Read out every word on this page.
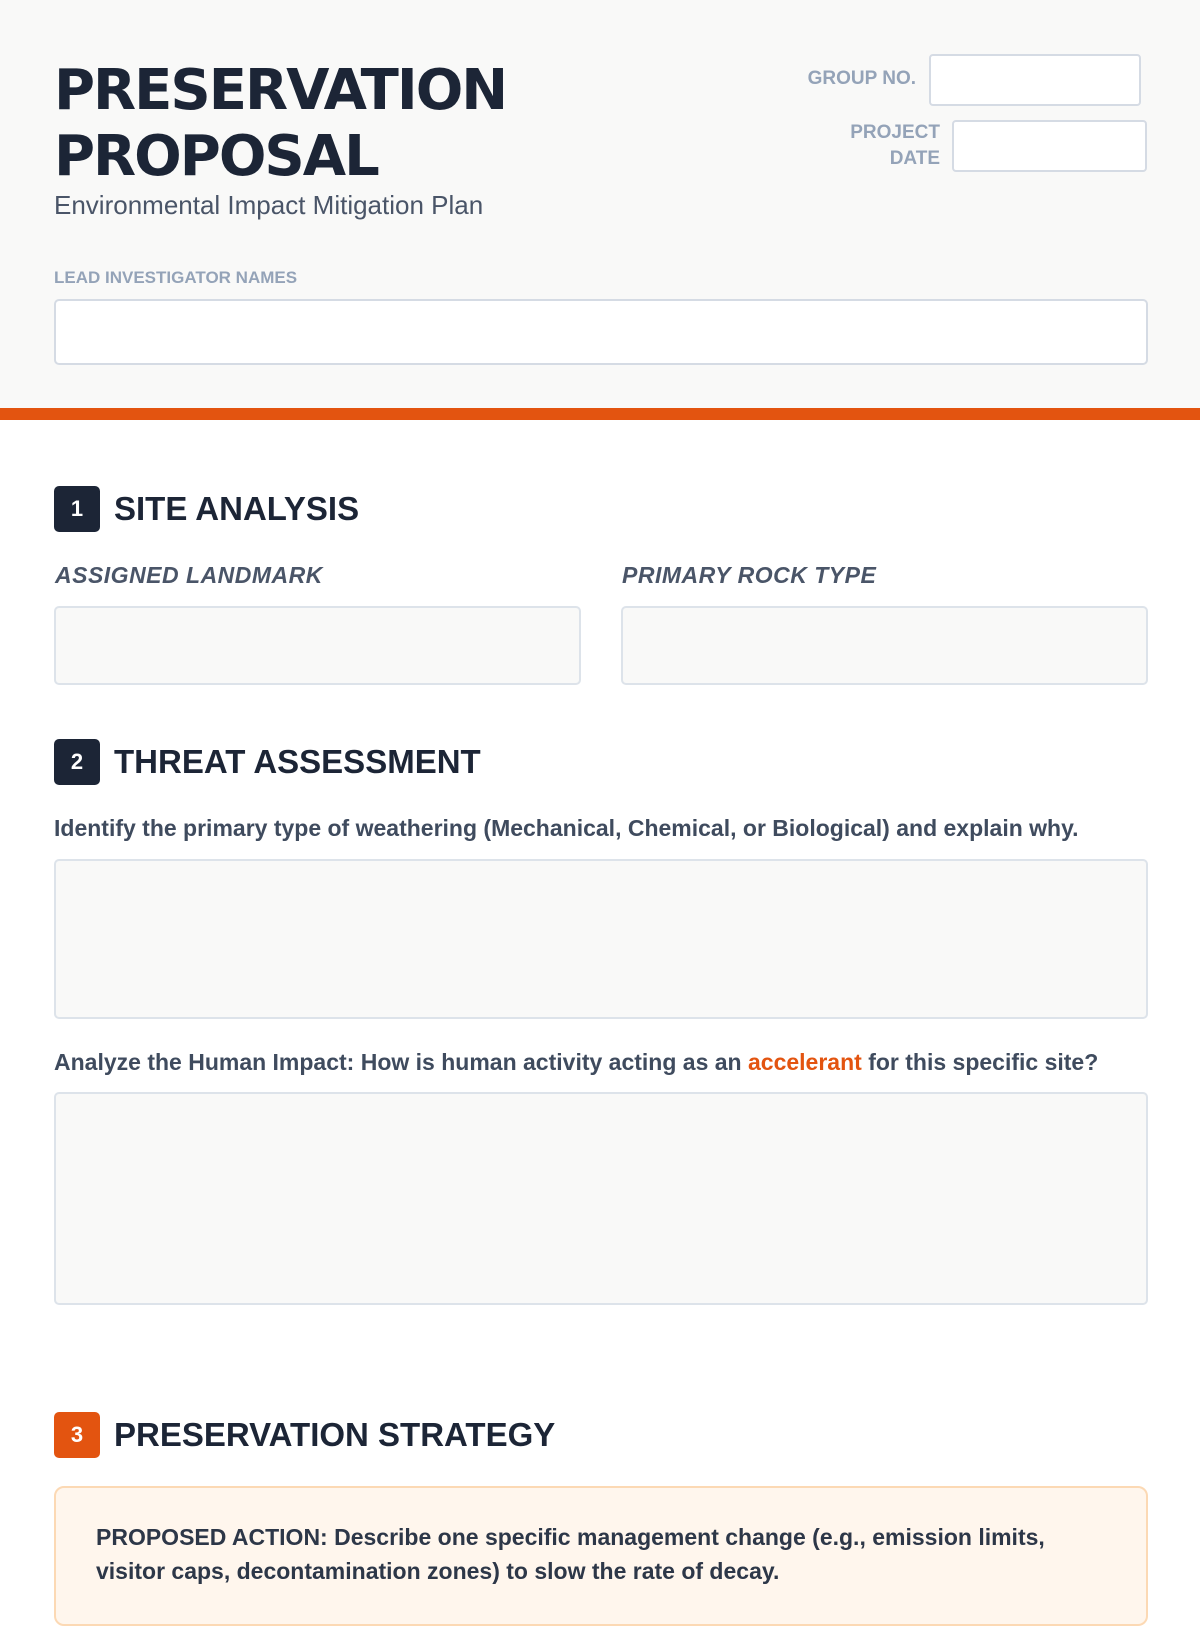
PRESERVATION
PROPOSAL
Environmental Impact Mitigation Plan
GROUP NO.
PROJECT
DATE
LEAD INVESTIGATOR NAMES
1 SITE ANALYSIS
ASSIGNED LANDMARK	PRIMARY ROCK TYPE
2 THREAT ASSESSMENT
Identify the primary type of weathering (Mechanical, Chemical, or Biological) and explain why.
Analyze the Human Impact: How is human activity acting as an accelerant for this specific site?
3 PRESERVATION STRATEGY
PROPOSED ACTION: Describe one specific management change (e.g., emission limits, visitor caps, decontamination zones) to slow the rate of decay.
